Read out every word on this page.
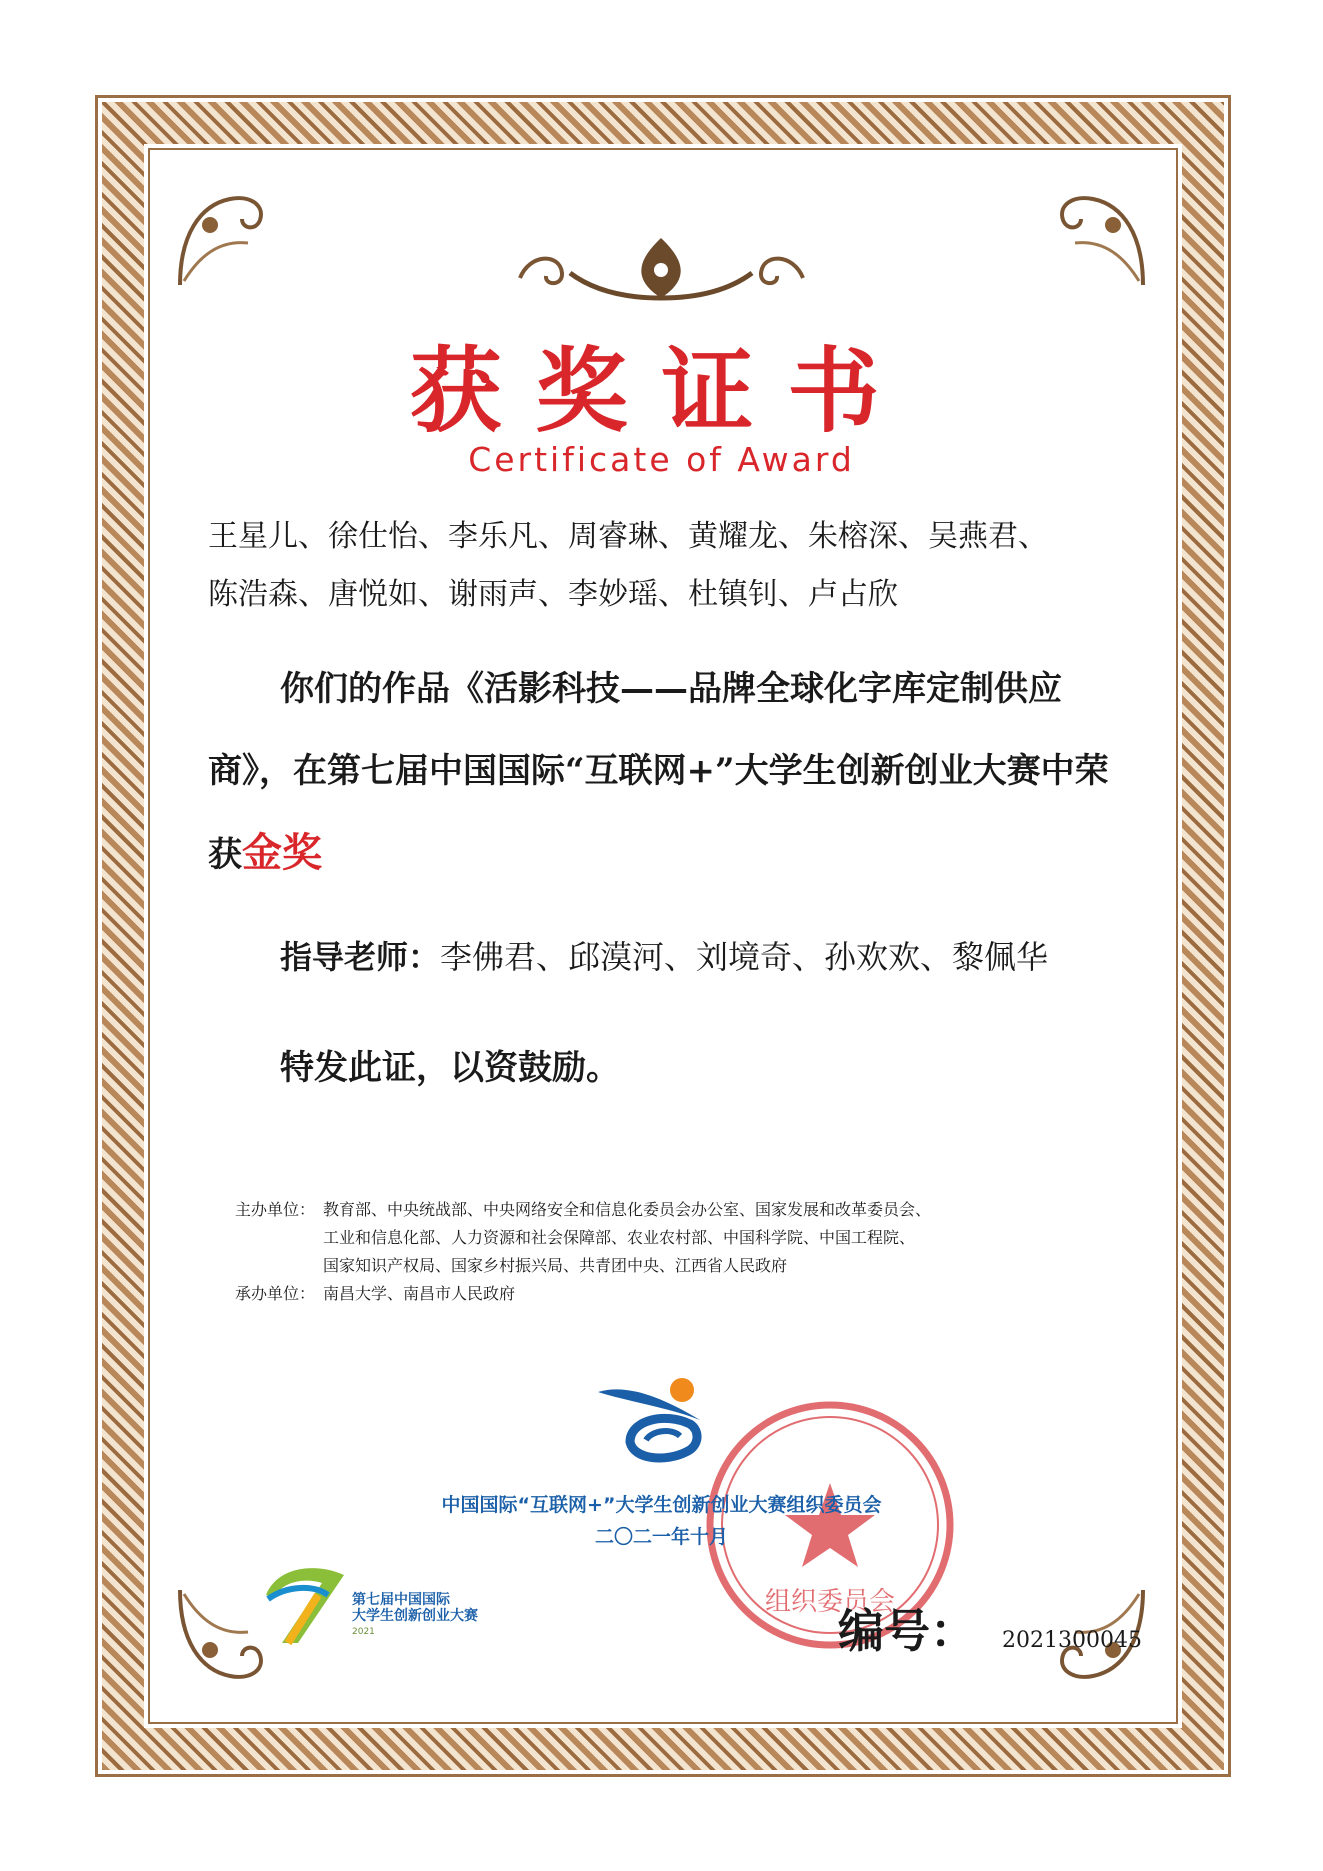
获奖证书
Certificate of Award
王星儿、徐仕怡、李乐凡、周睿琳、黄耀龙、朱榕深、吴燕君、
陈浩森、唐悦如、谢雨声、李妙瑶、杜镇钊、卢占欣
你们的作品《活影科技——品牌全球化字库定制供应商》，在第七届中国国际“互联网+”大学生创新创业大赛中荣获金奖
指导老师：李佛君、邱漠河、刘境奇、孙欢欢、黎佩华
特发此证，以资鼓励。
主办单位： 教育部、中央统战部、中央网络安全和信息化委员会办公室、国家发展和改革委员会、
工业和信息化部、人力资源和社会保障部、农业农村部、中国科学院、中国工程院、
国家知识产权局、国家乡村振兴局、共青团中央、江西省人民政府
承办单位： 南昌大学、南昌市人民政府
组织委员会
中国国际“互联网+”大学生创新创业大赛组织委员会
二〇二一年十月
第七届中国国际
大学生创新创业大赛
2021	编号： 2021300045
